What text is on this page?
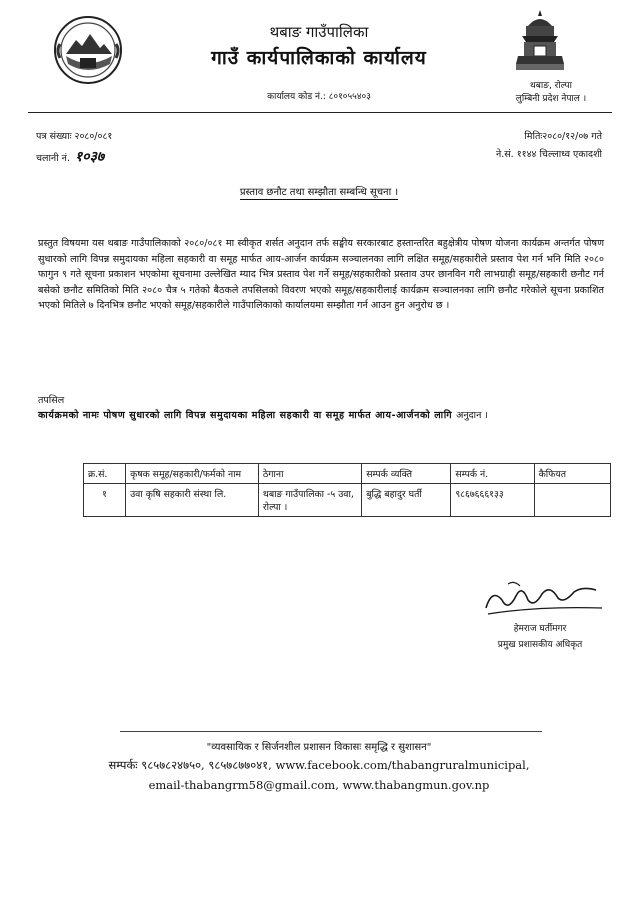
थबाङ गाउँपालिका
गाउँ कार्यपालिकाको कार्यालय
कार्यालय कोड नं.: ८०१०५५४०३
थबाङ, रोल्पा
लुम्बिनी प्रदेश नेपाल ।
पत्र संख्याः २०८०/०८१
चलानी नं. १०३७
मितिः२०८०/१२/०७ गते
ने.सं. ११४४ चिल्लाध्व एकादशी
प्रस्ताव छनौट तथा सम्झौता सम्बन्धि सूचना ।
प्रस्तुत विषयमा यस थबाङ गाउँपालिकाको २०८०/०८१ मा स्वीकृत शर्सत अनुदान तर्फ सङ्घीय सरकारबाट हस्तान्तरित बहुक्षेत्रीय पोषण योजना कार्यक्रम अन्तर्गत पोषण सुधारको लागि विपन्न समुदायका महिला सहकारी वा समूह मार्फत आय-आर्जन कार्यक्रम सञ्चालनका लागि लक्षित समूह/सहकारीले प्रस्ताव पेश गर्न भनि मिति २०८० फागुन ९ गते सूचना प्रकाशन भएकोमा सूचनामा उल्लेखित म्याद भित्र प्रस्ताव पेश गर्ने समूह/सहकारीको प्रस्ताव उपर छानविन गरी लाभग्राही समूह/सहकारी छनौट गर्न बसेको छनौट समितिको मिति २०८० चैत्र ५ गतेको बैठकले तपसिलको विवरण भएको समूह/सहकारीलाई कार्यक्रम सञ्चालनका लागि छनौट गरेकोले सूचना प्रकाशित भएको मितिले ७ दिनभित्र छनौट भएको समूह/सहकारीले गाउँपालिकाको कार्यालयमा सम्झौता गर्न आउन हुन अनुरोध छ ।
तपसिल
कार्यक्रमको नामः पोषण सुधारको लागि विपन्न समुदायका महिला सहकारी वा समूह मार्फत आय-आर्जनको लागि अनुदान ।
क्र.सं.	कृषक समूह/सहकारी/फर्मको नाम	ठेगाना	सम्पर्क व्यक्ति	सम्पर्क नं.	कैफियत
१	उवा कृषि सहकारी संस्था लि.	थबाङ गाउँपालिका -५ उवा, रोल्पा ।	बुद्धि बहादुर घर्ती	९८६७६६६१३३	
हेमराज घर्तीमगर
प्रमुख प्रशासकीय अधिकृत
"व्यवसायिक र सिर्जनशील प्रशासन विकासः समृद्धि र सुशासन"
सम्पर्कः ९८५७८२४७५०, ९८५७८७७०४१, www.facebook.com/thabangruralmunicipal,
email-thabangrm58@gmail.com, www.thabangmun.gov.np
